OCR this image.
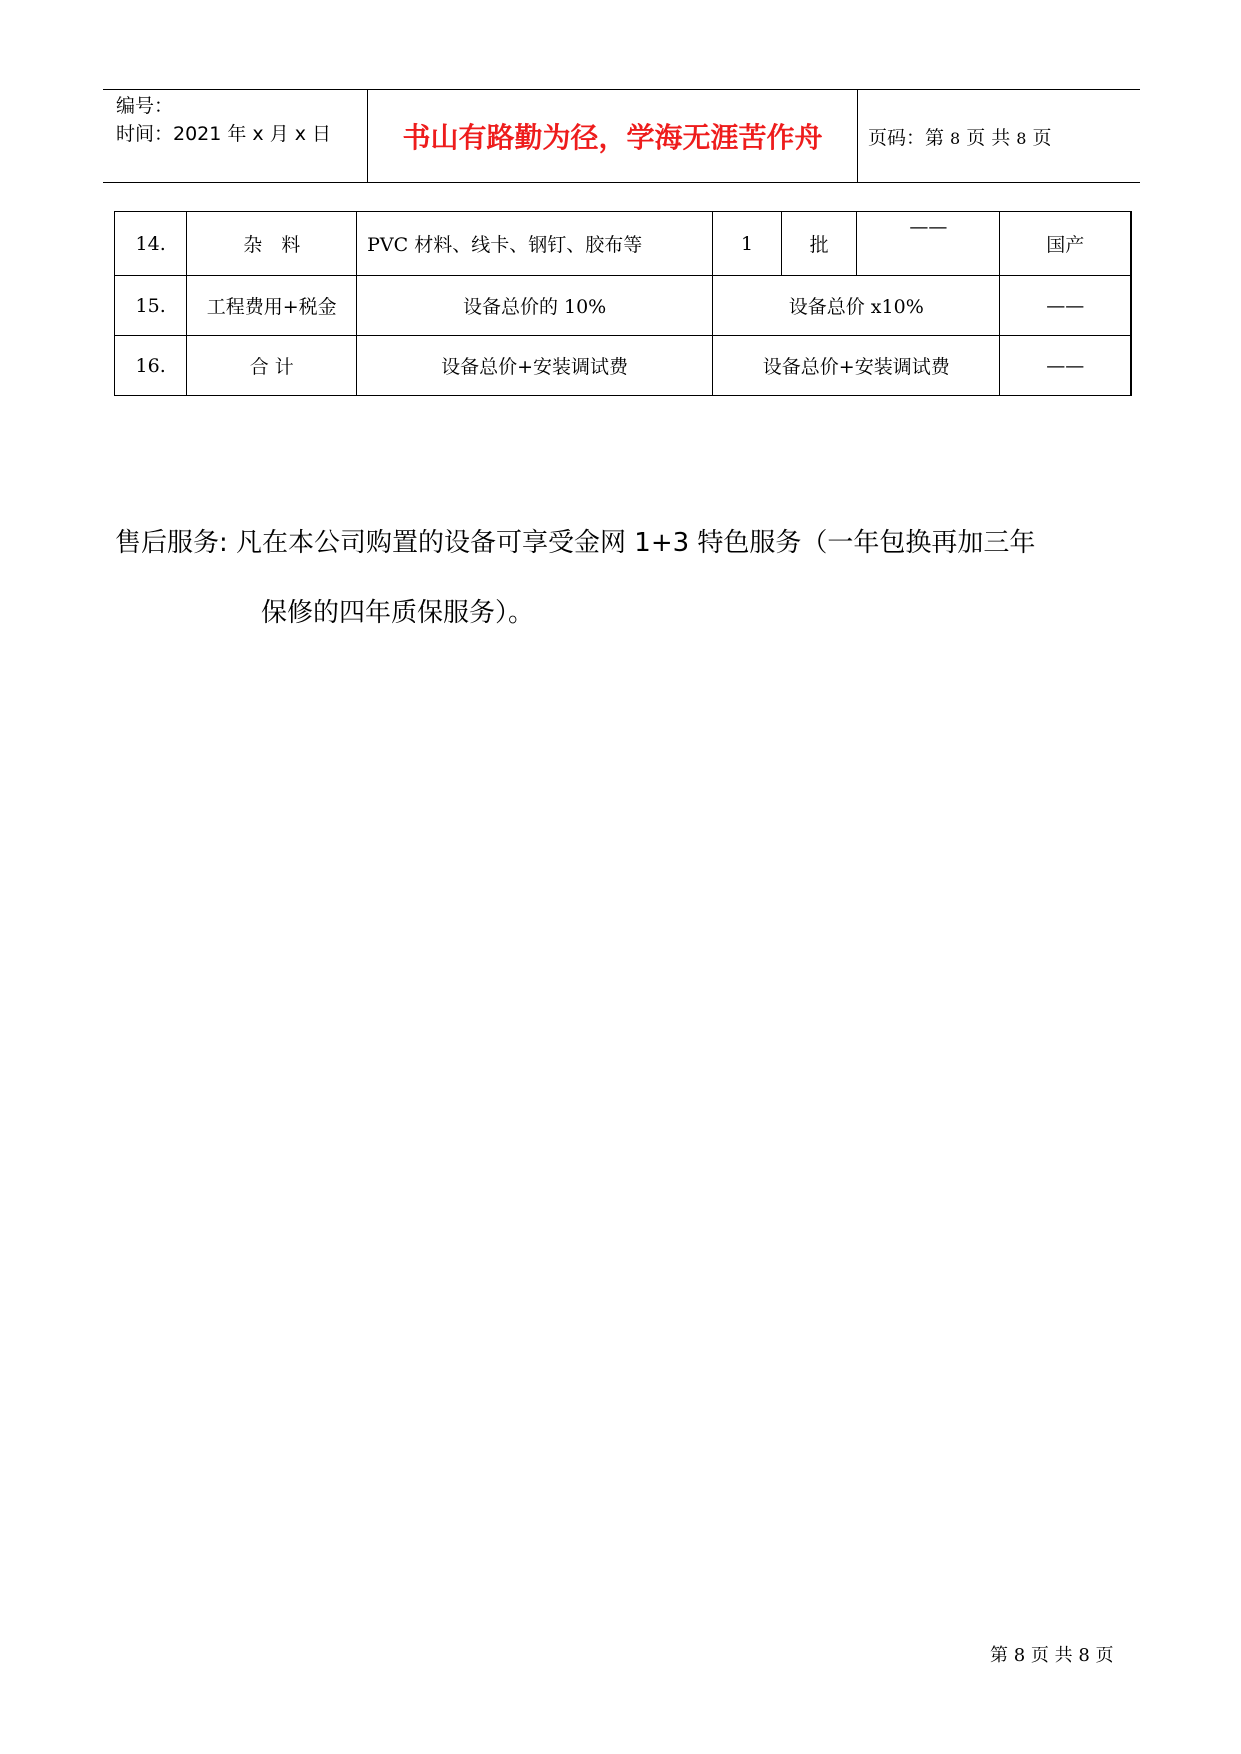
编号：
时间：2021 年 x 月 x 日	书山有路勤为径，学海无涯苦作舟	页码：第 8 页 共 8 页
14.	杂　料	PVC 材料、线卡、钢钉、胶布等	1	批	——	国产
15.	工程费用+税金	设备总价的 10%	设备总价 x10%			——
16.	合 计	设备总价+安装调试费	设备总价+安装调试费			——
售后服务: 凡在本公司购置的设备可享受金网 1+3 特色服务（一年包换再加三年
保修的四年质保服务）。
第 8 页 共 8 页
